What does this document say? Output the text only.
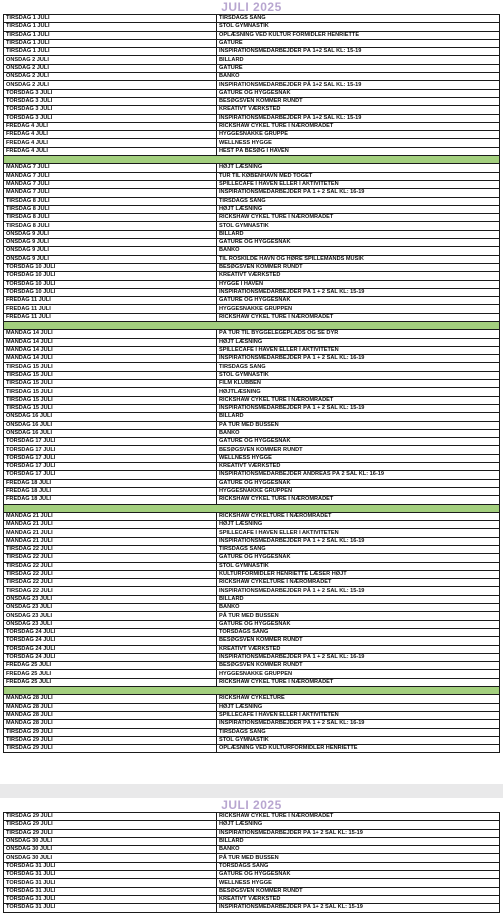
JULI 2025
TIRSDAG 1 JULI	TIRSDAGS SANG
TIRSDAG 1 JULI	STOL GYMNASTIK
TIRSDAG 1 JULI	OPLÆSNING VED KULTUR FORMIDLER HENRIETTE
TIRSDAG 1 JULI	GÅTURE
TIRSDAG 1 JULI	INSPIRATIONSMEDARBEJDER PÅ 1+2 SAL KL: 15-19
ONSDAG 2 JULI	BILLARD
ONSDAG 2 JULI	GÅTURE
ONSDAG 2 JULI	BANKO
ONSDAG 2 JULI	INSPIRATIONSMEDARBEJDER PÅ 1+2 SAL KL: 15-19
TORSDAG 3 JULI	GÅTURE OG HYGGESNAK
TORSDAG 3 JULI	BESØGSVEN KOMMER RUNDT
TORSDAG 3 JULI	KREATIVT VÆRKSTED
TORSDAG 3 JULI	INSPIRATIONSMEDARBEJDER PÅ 1+2 SAL KL: 15-19
FREDAG 4 JULI	RICKSHAW CYKEL TURE I NÆROMRÅDET
FREDAG 4 JULI	HYGGESNAKKE GRUPPE
FREDAG 4 JULI	WELLNESS HYGGE
FREDAG 4 JULI	HEST PÅ BESØG I HAVEN

MANDAG 7 JULI	HØJT LÆSNING
MANDAG 7 JULI	TUR TIL KØBENHAVN MED TOGET
MANDAG 7 JULI	SPILLECAFE I HAVEN ELLER I AKTIVITETEN
MANDAG 7 JULI	INSPIRATIONSMEDARBEJDER PÅ 1 + 2 SAL KL: 16-19
TIRSDAG 8 JULI	TIRSDAGS SANG
TIRSDAG 8 JULI	HØJT LÆSNING
TIRSDAG 8 JULI	RICKSHAW CYKEL TURE I NÆROMRÅDET
TIRSDAG 8 JULI	STOL GYMNASTIK
ONSDAG 9 JULI	BILLARD
ONSDAG 9 JULI	GÅTURE OG HYGGESNAK
ONSDAG 9 JULI	BANKO
ONSDAG 9 JULI	TIL ROSKILDE HAVN OG HØRE SPILLEMANDS MUSIK
TORSDAG 10 JULI	BESØGSVEN KOMMER RUNDT
TORSDAG 10 JULI	KREATIVT VÆRKSTED
TORSDAG 10 JULI	HYGGE I HAVEN
TORSDAG 10 JULI	INSPIRATIONSMEDARBEJDER PÅ 1 + 2 SAL KL: 15-19
FREDAG 11 JULI	GÅTURE OG HYGGESNAK
FREDAG 11 JULI	HYGGESNAKKE GRUPPEN
FREDAG 11 JULI	RICKSHAW CYKEL TURE I NÆROMRÅDET

MANDAG 14 JULI	PÅ TUR TIL BYGGELEGEPLADS OG SE DYR
MANDAG 14 JULI	HØJT LÆSNING
MANDAG 14 JULI	SPILLECAFE I HAVEN ELLER I AKTIVITETEN
MANDAG 14 JULI	INSPIRATIONSMEDARBEJDER PÅ 1 + 2 SAL KL: 16-19
TIRSDAG 15 JULI	TIRSDAGS SANG
TIRSDAG 15 JULI	STOL GYMNASTIK
TIRSDAG 15 JULI	FILM KLUBBEN
TIRSDAG 15 JULI	HØJTLÆSNING
TIRSDAG 15 JULI	RICKSHAW CYKEL TURE I NÆROMRÅDET
TIRSDAG 15 JULI	INSPIRATIONSMEDARBEJDER PÅ 1 + 2 SAL KL: 15-19
ONSDAG 16 JULI	BILLARD
ONSDAG 16 JULI	PÅ TUR MED BUSSEN
ONSDAG 16 JULI	BANKO
TORSDAG 17 JULI	GÅTURE OG HYGGESNAK
TORSDAG 17 JULI	BESØGSVEN KOMMER RUNDT
TORSDAG 17 JULI	WELLNESS HYGGE
TORSDAG 17 JULI	KREATIVT VÆRKSTED
TORSDAG 17 JULI	INSPIRATIONSMEDARBEJDER ANDREAS PÅ 2 SAL KL: 16-19
FREDAG 18 JULI	GÅTURE OG HYGGESNAK
FREDAG 18 JULI	HYGGESNAKKE GRUPPEN
FREDAG 18 JULI	RICKSHAW CYKEL TURE I NÆROMRÅDET

MANDAG 21 JULI	RICKSHAW CYKELTURE I NÆROMRÅDET
MANDAG 21 JULI	HØJT LÆSNING
MANDAG 21 JULI	SPILLECAFE I HAVEN ELLER I AKTIVITETEN
MANDAG 21 JULI	INSPIRATIONSMEDARBEJDER PÅ 1 + 2 SAL KL: 16-19
TIRSDAG 22 JULI	TIRSDAGS SANG
TIRSDAG 22 JULI	GÅTURE OG HYGGESNAK
TIRSDAG 22 JULI	STOL GYMNASTIK
TIRSDAG 22 JULI	KULTURFORMIDLER HENRIETTE LÆSER HØJT
TIRSDAG 22 JULI	RICKSHAW CYKELTURE I NÆROMRÅDET
TIRSDAG 22 JULI	INSPIRATIONSMEDARBEJDER PÅ 1 + 2 SAL KL: 15-19
ONSDAG 23 JULI	BILLARD
ONSDAG 23 JULI	BANKO
ONSDAG 23 JULI	PÅ TUR MED BUSSEN
ONSDAG 23 JULI	GÅTURE OG HYGGESNAK
TORSDAG 24 JULI	TORSDAGS SANG
TORSDAG 24 JULI	BESØGSVEN KOMMER RUNDT
TORSDAG 24 JULI	KREATIVT VÆRKSTED
TORSDAG 24 JULI	INSPIRATIONSMEDARBEJDER PÅ 1 + 2 SAL KL: 16-19
FREDAG 25 JULI	BESØGSVEN KOMMER RUNDT
FREDAG 25 JULI	HYGGESNAKKE GRUPPEN
FREDAG 25 JULI	RICKSHAW CYKEL TURE I NÆROMRÅDET

MANDAG 28 JULI	RICKSHAW CYKELTURE
MANDAG 28 JULI	HØJT LÆSNING
MANDAG 28 JULI	SPILLECAFE I HAVEN ELLER I AKTIVITETEN
MANDAG 28 JULI	INSPIRATIONSMEDARBEJDER PÅ 1 + 2 SAL KL: 16-19
TIRSDAG 29 JULI	TIRSDAGS SANG
TIRSDAG 29 JULI	STOL GYMNASTIK
TIRSDAG 29 JULI	OPLÆSNING VED KULTURFORMIDLER HENRIETTE
JULI 2025
TIRSDAG 29 JULI	RICKSHAW CYKEL TURE I NÆROMRÅDET
TIRSDAG 29 JULI	HØJT LÆSNING
TIRSDAG 29 JULI	INSPIRATIONSMEDARBEJDER PÅ 1+ 2 SAL KL: 15-19
ONSDAG 30 JULI	BILLARD
ONSDAG 30 JULI	BANKO
ONSDAG 30 JULI	PÅ TUR MED BUSSEN
TORSDAG 31 JULI	TORSDAGS SANG
TORSDAG 31 JULI	GÅTURE OG HYGGESNAK
TORSDAG 31 JULI	WELLNESS HYGGE
TORSDAG 31 JULI	BESØGSVEN KOMMER RUNDT
TORSDAG 31 JULI	KREATIVT VÆRKSTED
TORSDAG 31 JULI	INSPIRATIONSMEDARBEJDER PÅ 1+ 2 SAL KL: 15-19
